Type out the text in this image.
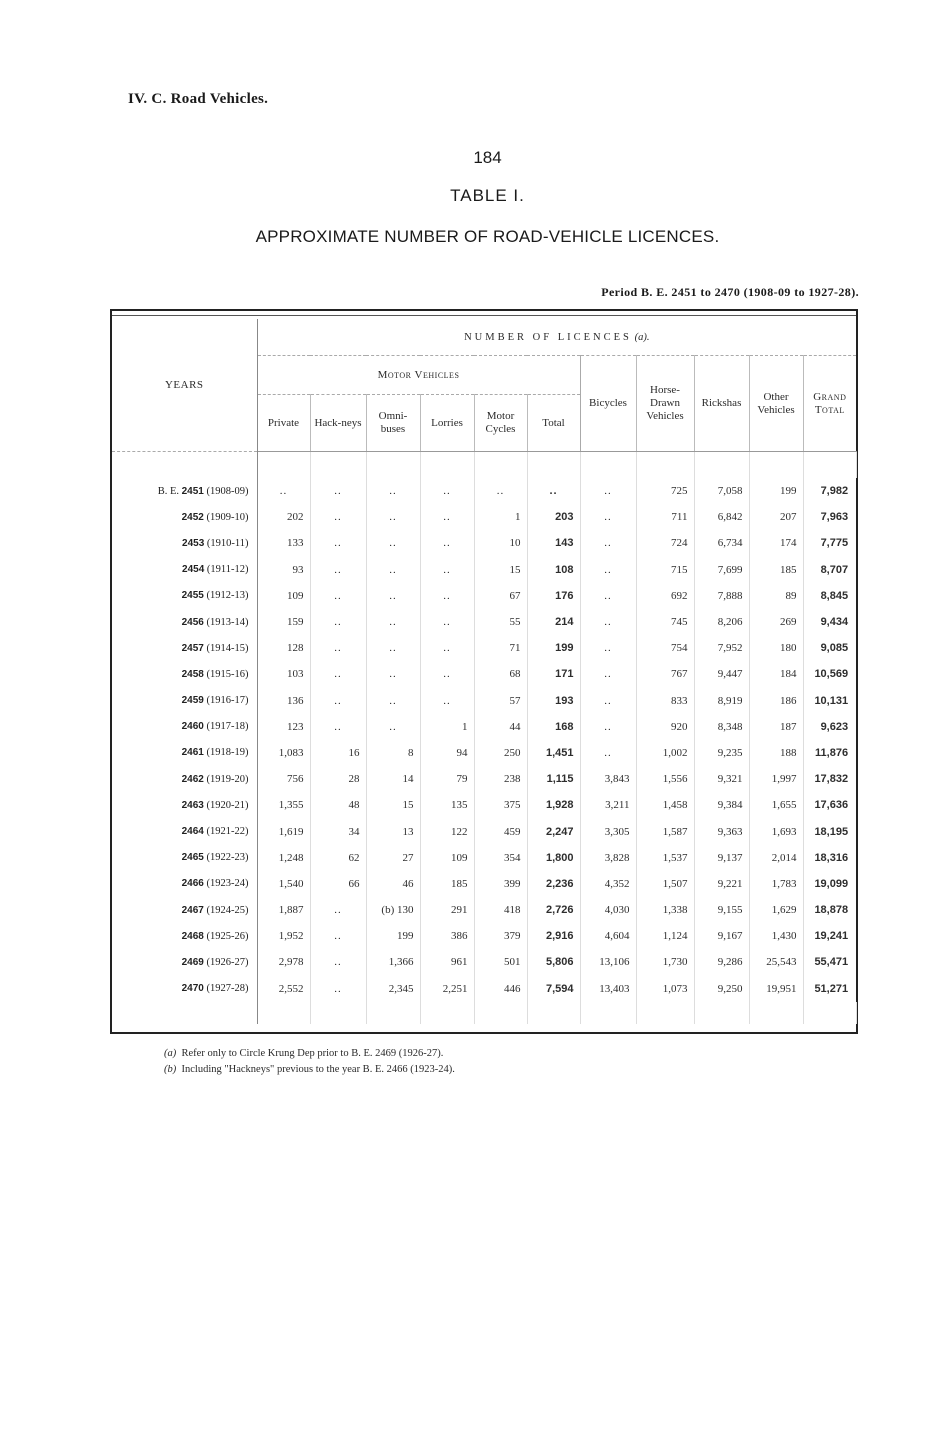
IV. C. Road Vehicles.
184
TABLE I.
APPROXIMATE NUMBER OF ROAD-VEHICLE LICENCES.
Period B. E. 2451 to 2470 (1908-09 to 1927-28).
YEARS	NUMBER OF LICENCES (a).										
	Motor Vehicles						Bicycles	Horse-Drawn Vehicles	Rickshas	Other Vehicles	Grand Total
	Private	Hack-neys	Omni-buses	Lorries	Motor Cycles	Total					

B. E. 2451 (1908-09)	..	..	..	..	..	..	..	725	7,058	199	7,982
2452 (1909-10)	202	..	..	..	1	203	..	711	6,842	207	7,963
2453 (1910-11)	133	..	..	..	10	143	..	724	6,734	174	7,775
2454 (1911-12)	93	..	..	..	15	108	..	715	7,699	185	8,707
2455 (1912-13)	109	..	..	..	67	176	..	692	7,888	89	8,845
2456 (1913-14)	159	..	..	..	55	214	..	745	8,206	269	9,434
2457 (1914-15)	128	..	..	..	71	199	..	754	7,952	180	9,085
2458 (1915-16)	103	..	..	..	68	171	..	767	9,447	184	10,569
2459 (1916-17)	136	..	..	..	57	193	..	833	8,919	186	10,131
2460 (1917-18)	123	..	..	1	44	168	..	920	8,348	187	9,623
2461 (1918-19)	1,083	16	8	94	250	1,451	..	1,002	9,235	188	11,876
2462 (1919-20)	756	28	14	79	238	1,115	3,843	1,556	9,321	1,997	17,832
2463 (1920-21)	1,355	48	15	135	375	1,928	3,211	1,458	9,384	1,655	17,636
2464 (1921-22)	1,619	34	13	122	459	2,247	3,305	1,587	9,363	1,693	18,195
2465 (1922-23)	1,248	62	27	109	354	1,800	3,828	1,537	9,137	2,014	18,316
2466 (1923-24)	1,540	66	46	185	399	2,236	4,352	1,507	9,221	1,783	19,099
2467 (1924-25)	1,887	..	(b) 130	291	418	2,726	4,030	1,338	9,155	1,629	18,878
2468 (1925-26)	1,952	..	199	386	379	2,916	4,604	1,124	9,167	1,430	19,241
2469 (1926-27)	2,978	..	1,366	961	501	5,806	13,106	1,730	9,286	25,543	55,471
2470 (1927-28)	2,552	..	2,345	2,251	446	7,594	13,403	1,073	9,250	19,951	51,271

(a) Refer only to Circle Krung Dep prior to B. E. 2469 (1926-27).
(b) Including "Hackneys" previous to the year B. E. 2466 (1923-24).
